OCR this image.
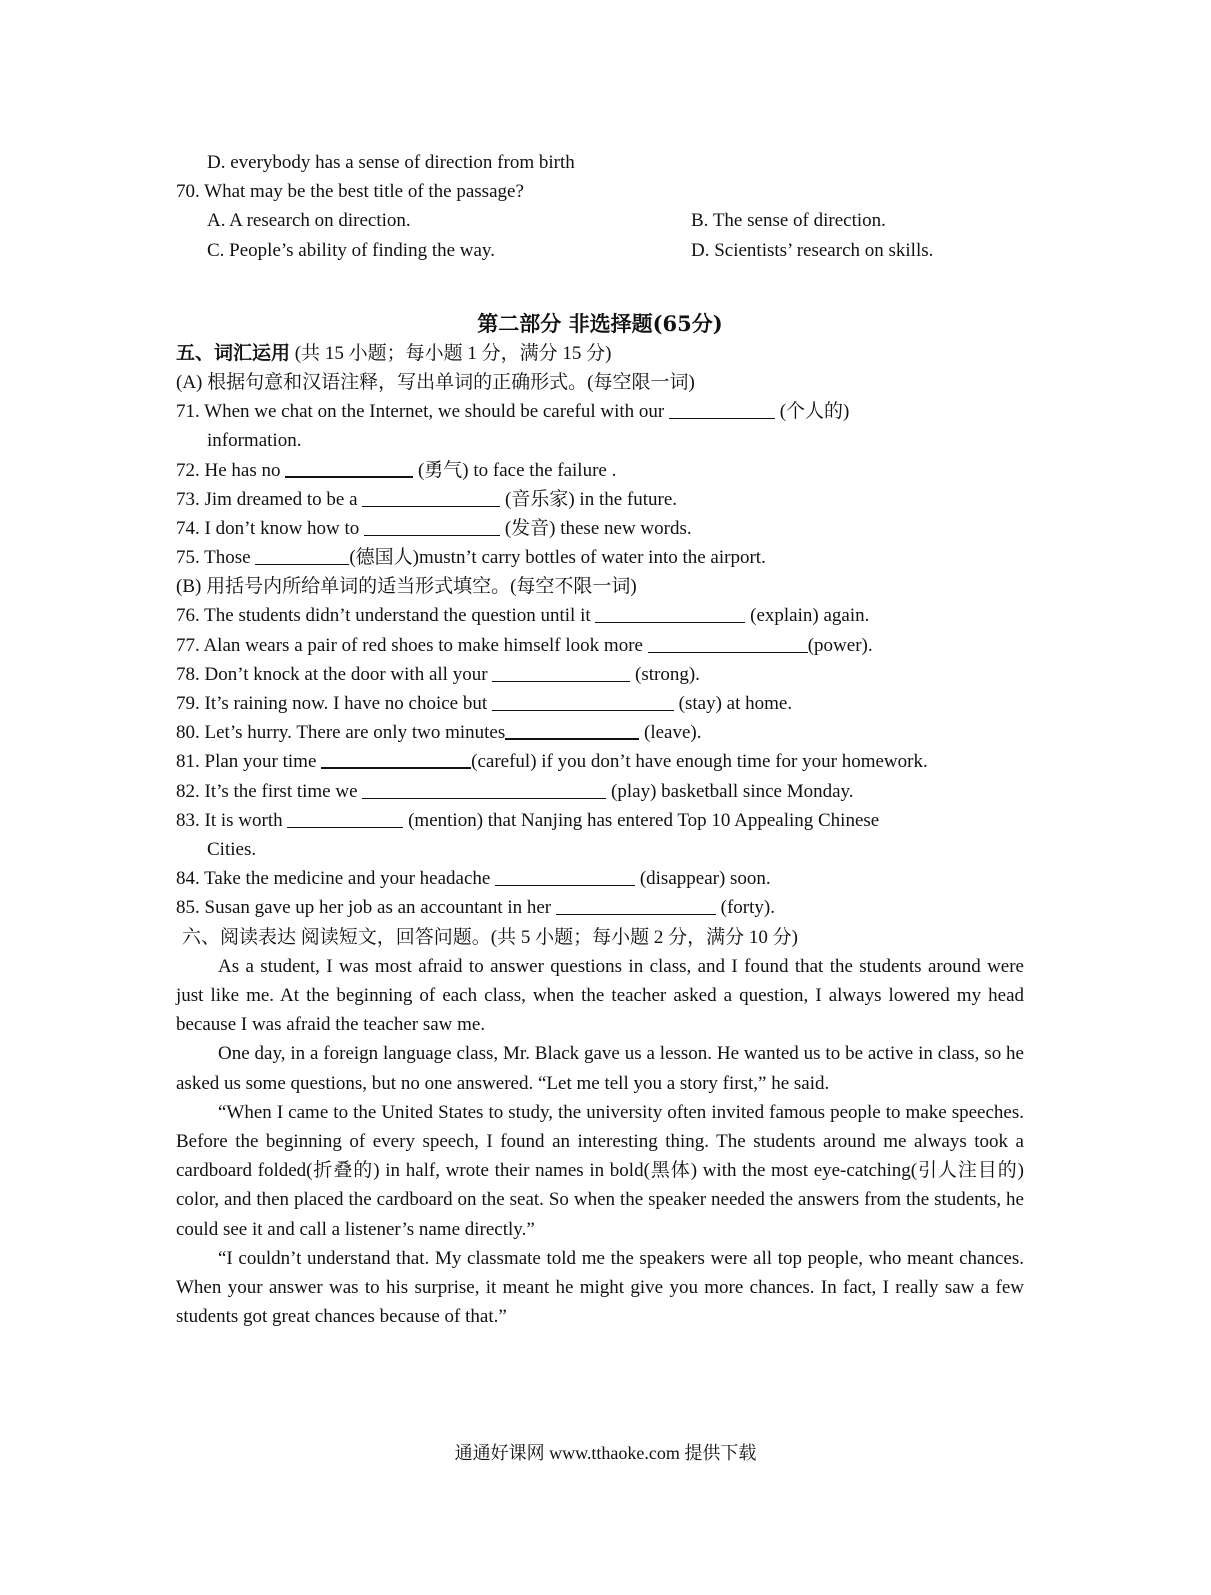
D. everybody has a sense of direction from birth
70. What may be the best title of the passage?
A. A research on direction.	B. The sense of direction.
C. People’s ability of finding the way.	D. Scientists’ research on skills.
第二部分 非选择题(65分)
五、词汇运用 (共 15 小题；每小题 1 分，满分 15 分)
(A) 根据句意和汉语注释，写出单词的正确形式。(每空限一词)
71. When we chat on the Internet, we should be careful with our	(个人的)
information.
72. He has no	(勇气) to face the failure .
73. Jim dreamed to be a	(音乐家) in the future.
74. I don’t know how to	(发音) these new words.
75. Those	(德国人)mustn’t carry bottles of water into the airport.
(B) 用括号内所给单词的适当形式填空。(每空不限一词)
76. The students didn’t understand the question until it	(explain) again.
77. Alan wears a pair of red shoes to make himself look more	(power).
78. Don’t knock at the door with all your	(strong).
79. It’s raining now. I have no choice but	(stay) at home.
80. Let’s hurry. There are only two minutes	(leave).
81. Plan your time	(careful) if you don’t have enough time for your homework.
82. It’s the first time we	(play) basketball since Monday.
83. It is worth	(mention) that Nanjing has entered Top 10 Appealing Chinese
Cities.
84. Take the medicine and your headache	(disappear) soon.
85. Susan gave up her job as an accountant in her	(forty).
六、阅读表达 阅读短文，回答问题。(共 5 小题；每小题 2 分，满分 10 分)
As a student, I was most afraid to answer questions in class, and I found that the students around were just like me. At the beginning of each class, when the teacher asked a question, I always lowered my head because I was afraid the teacher saw me.
One day, in a foreign language class, Mr. Black gave us a lesson. He wanted us to be active in class, so he asked us some questions, but no one answered. “Let me tell you a story first,” he said.
“When I came to the United States to study, the university often invited famous people to make speeches. Before the beginning of every speech, I found an interesting thing. The students around me always took a cardboard folded(折叠的) in half, wrote their names in bold(黑体) with the most eye-catching(引人注目的) color, and then placed the cardboard on the seat. So when the speaker needed the answers from the students, he could see it and call a listener’s name directly.”
“I couldn’t understand that. My classmate told me the speakers were all top people, who meant chances. When your answer was to his surprise, it meant he might give you more chances. In fact, I really saw a few students got great chances because of that.”
通通好课网 www.tthaoke.com 提供下载
